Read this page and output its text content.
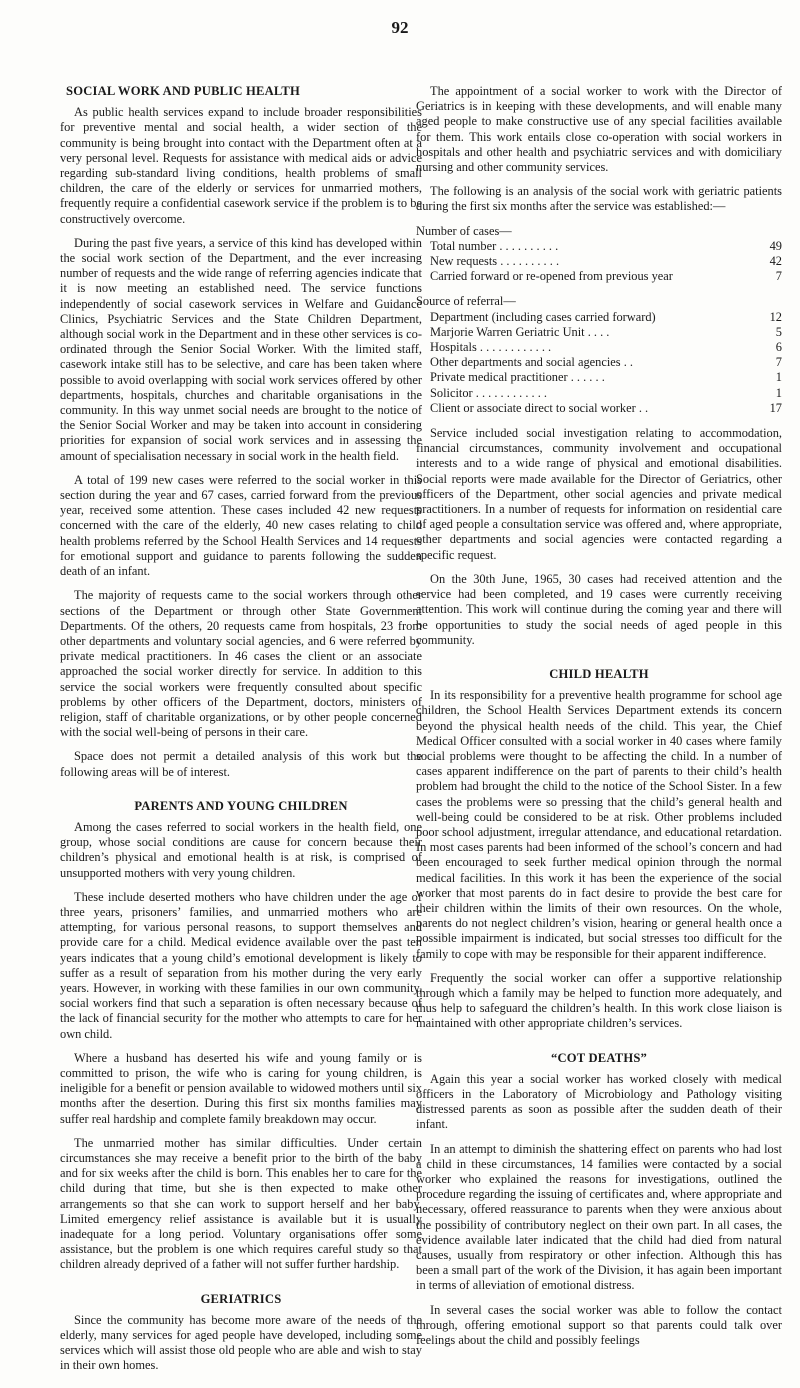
92
SOCIAL WORK AND PUBLIC HEALTH

As public health services expand to include broader responsibilities for preventive mental and social health, a wider section of the community is being brought into contact with the Department often at a very personal level. Requests for assistance with medical aids or advice regarding sub-standard living conditions, health problems of small children, the care of the elderly or services for unmarried mothers, frequently require a confidential casework service if the problem is to be constructively overcome.

During the past five years, a service of this kind has developed within the social work section of the Department, and the ever increasing number of requests and the wide range of referring agencies indicate that it is now meeting an established need. The service functions independently of social casework services in Welfare and Guidance Clinics, Psychiatric Services and the State Children Department, although social work in the Department and in these other services is co-ordinated through the Senior Social Worker. With the limited staff, casework intake still has to be selective, and care has been taken where possible to avoid overlapping with social work services offered by other departments, hospitals, churches and charitable organisations in the community. In this way unmet social needs are brought to the notice of the Senior Social Worker and may be taken into account in considering priorities for expansion of social work services and in assessing the amount of specialisation necessary in social work in the health field.

A total of 199 new cases were referred to the social worker in this section during the year and 67 cases, carried forward from the previous year, received some attention. These cases included 42 new requests concerned with the care of the elderly, 40 new cases relating to child health problems referred by the School Health Services and 14 requests for emotional support and guidance to parents following the sudden death of an infant.

The majority of requests came to the social workers through other sections of the Department or through other State Government Departments. Of the others, 20 requests came from hospitals, 23 from other departments and voluntary social agencies, and 6 were referred by private medical practitioners. In 46 cases the client or an associate approached the social worker directly for service. In addition to this service the social workers were frequently consulted about specific problems by other officers of the Department, doctors, ministers of religion, staff of charitable organizations, or by other people concerned with the social well-being of persons in their care.

Space does not permit a detailed analysis of this work but the following areas will be of interest.

PARENTS AND YOUNG CHILDREN

Among the cases referred to social workers in the health field, one group, whose social conditions are cause for concern because their children’s physical and emotional health is at risk, is comprised of unsupported mothers with very young children.

These include deserted mothers who have children under the age of three years, prisoners’ families, and unmarried mothers who are attempting, for various personal reasons, to support themselves and provide care for a child. Medical evidence available over the past ten years indicates that a young child’s emotional development is likely to suffer as a result of separation from his mother during the very early years. However, in working with these families in our own community, social workers find that such a separation is often necessary because of the lack of financial security for the mother who attempts to care for her own child.

Where a husband has deserted his wife and young family or is committed to prison, the wife who is caring for young children, is ineligible for a benefit or pension available to widowed mothers until six months after the desertion. During this first six months families may suffer real hardship and complete family breakdown may occur.

The unmarried mother has similar difficulties. Under certain circumstances she may receive a benefit prior to the birth of the baby and for six weeks after the child is born. This enables her to care for the child during that time, but she is then expected to make other arrangements so that she can work to support herself and her baby. Limited emergency relief assistance is available but it is usually inadequate for a long period. Voluntary organisations offer some assistance, but the problem is one which requires careful study so that children already deprived of a father will not suffer further hardship.

GERIATRICS

Since the community has become more aware of the needs of the elderly, many services for aged people have developed, including some services which will assist those old people who are able and wish to stay in their own homes.

The appointment of a social worker to work with the Director of Geriatrics is in keeping with these developments, and will enable many aged people to make constructive use of any special facilities available for them. This work entails close co-operation with social workers in hospitals and other health and psychiatric services and with domiciliary nursing and other community services.

The following is an analysis of the social work with geriatric patients during the first six months after the service was established:—

Number of cases—

Total number . . . . . . . . . .	49
New requests . . . . . . . . . .	42
Carried forward or re-opened from previous year	7

Source of referral—

Department (including cases carried forward)	12
Marjorie Warren Geriatric Unit . . . .	5
Hospitals . . . . . . . . . . . .	6
Other departments and social agencies . .	7
Private medical practitioner . . . . . .	1
Solicitor . . . . . . . . . . . .	1
Client or associate direct to social worker . .	17

Service included social investigation relating to accommodation, financial circumstances, community involvement and occupational interests and to a wide range of physical and emotional disabilities. Social reports were made available for the Director of Geriatrics, other officers of the Department, other social agencies and private medical practitioners. In a number of requests for information on residential care of aged people a consultation service was offered and, where appropriate, other departments and social agencies were contacted regarding a specific request.

On the 30th June, 1965, 30 cases had received attention and the service had been completed, and 19 cases were currently receiving attention. This work will continue during the coming year and there will be opportunities to study the social needs of aged people in this community.

CHILD HEALTH

In its responsibility for a preventive health programme for school age children, the School Health Services Department extends its concern beyond the physical health needs of the child. This year, the Chief Medical Officer consulted with a social worker in 40 cases where family social problems were thought to be affecting the child. In a number of cases apparent indifference on the part of parents to their child’s health problem had brought the child to the notice of the School Sister. In a few cases the problems were so pressing that the child’s general health and well-being could be considered to be at risk. Other problems included poor school adjustment, irregular attendance, and educational retardation. In most cases parents had been informed of the school’s concern and had been encouraged to seek further medical opinion through the normal medical facilities. In this work it has been the experience of the social worker that most parents do in fact desire to provide the best care for their children within the limits of their own resources. On the whole, parents do not neglect children’s vision, hearing or general health once a possible impairment is indicated, but social stresses too difficult for the family to cope with may be responsible for their apparent indifference.

Frequently the social worker can offer a supportive relationship through which a family may be helped to function more adequately, and thus help to safeguard the children’s health. In this work close liaison is maintained with other appropriate children’s services.

“COT DEATHS”

Again this year a social worker has worked closely with medical officers in the Laboratory of Microbiology and Pathology visiting distressed parents as soon as possible after the sudden death of their infant.

In an attempt to diminish the shattering effect on parents who had lost a child in these circumstances, 14 families were contacted by a social worker who explained the reasons for investigations, outlined the procedure regarding the issuing of certificates and, where appropriate and necessary, offered reassurance to parents when they were anxious about the possibility of contributory neglect on their own part. In all cases, the evidence available later indicated that the child had died from natural causes, usually from respiratory or other infection. Although this has been a small part of the work of the Division, it has again been important in terms of alleviation of emotional distress.

In several cases the social worker was able to follow the contact through, offering emotional support so that parents could talk over feelings about the child and possibly feelings
